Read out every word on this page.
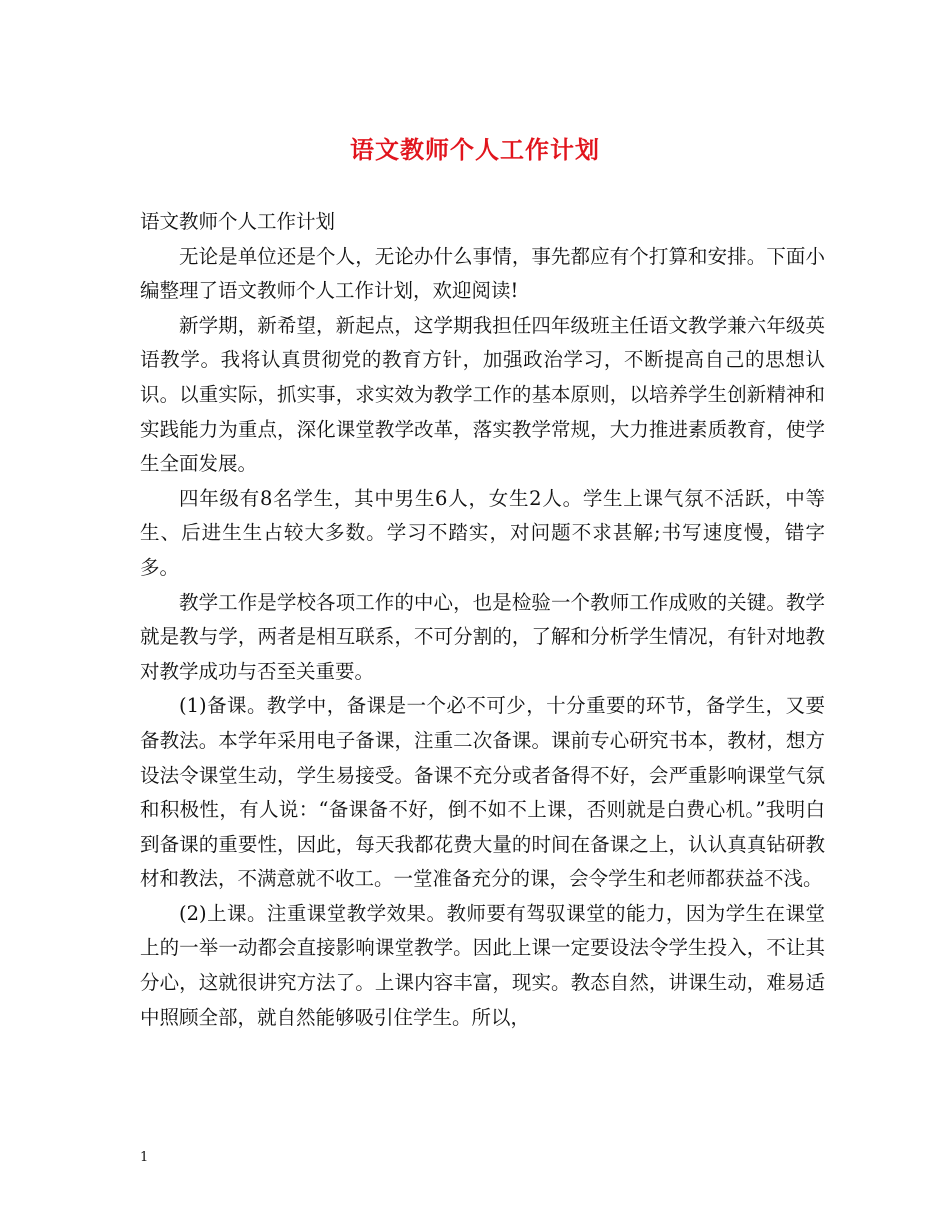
语文教师个人工作计划

语文教师个人工作计划

无论是单位还是个人，无论办什么事情，事先都应有个打算和安排。下面小编整理了语文教师个人工作计划，欢迎阅读!

新学期，新希望，新起点，这学期我担任四年级班主任语文教学兼六年级英语教学。我将认真贯彻党的教育方针，加强政治学习，不断提高自己的思想认识。以重实际，抓实事，求实效为教学工作的基本原则，以培养学生创新精神和实践能力为重点，深化课堂教学改革，落实教学常规，大力推进素质教育，使学生全面发展。

四年级有8名学生，其中男生6人，女生2人。学生上课气氛不活跃，中等生、后进生生占较大多数。学习不踏实，对问题不求甚解;书写速度慢，错字多。

教学工作是学校各项工作的中心，也是检验一个教师工作成败的关键。教学就是教与学，两者是相互联系，不可分割的，了解和分析学生情况，有针对地教对教学成功与否至关重要。

(1)备课。教学中，备课是一个必不可少，十分重要的环节，备学生，又要备教法。本学年采用电子备课，注重二次备课。课前专心研究书本，教材，想方设法令课堂生动，学生易接受。备课不充分或者备得不好，会严重影响课堂气氛和积极性，有人说：“备课备不好，倒不如不上课，否则就是白费心机。”我明白到备课的重要性，因此，每天我都花费大量的时间在备课之上，认认真真钻研教材和教法，不满意就不收工。一堂准备充分的课，会令学生和老师都获益不浅。

(2)上课。注重课堂教学效果。教师要有驾驭课堂的能力，因为学生在课堂上的一举一动都会直接影响课堂教学。因此上课一定要设法令学生投入，不让其分心，这就很讲究方法了。上课内容丰富，现实。教态自然，讲课生动，难易适中照顾全部，就自然能够吸引住学生。所以，

1
